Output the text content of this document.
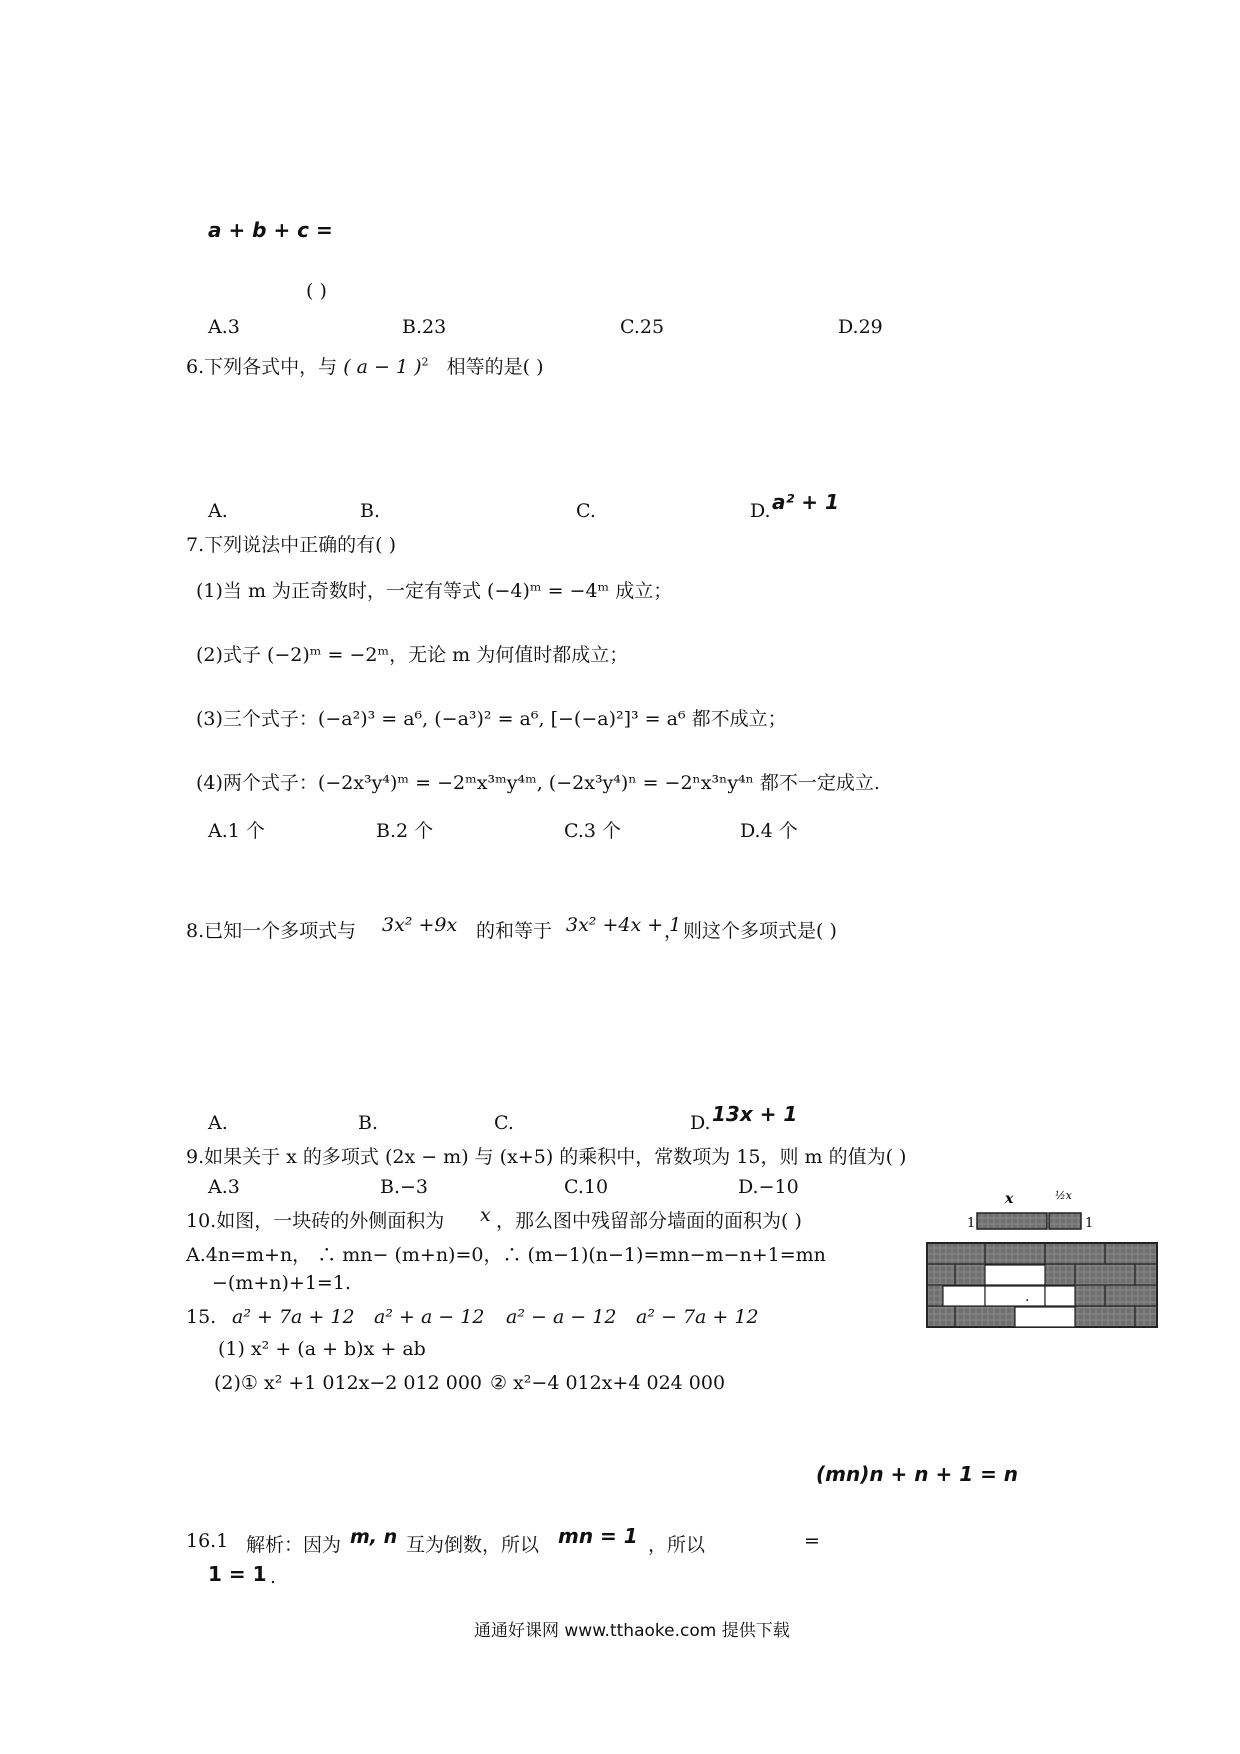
a + b + c =
( )
A.3	B.23	C.25	D.29
6.下列各式中，与 ( a − 1 )$^2$ 相等的是( )
A.	B.	C.	D. a² + 1
7.下列说法中正确的有( )
(1)当 m 为正奇数时，一定有等式 (−4)ᵐ = −4ᵐ 成立；
(2)式子 (−2)ᵐ = −2ᵐ，无论 m 为何值时都成立；
(3)三个式子：(−a²)³ = a⁶, (−a³)² = a⁶, [−(−a)²]³ = a⁶ 都不成立；
(4)两个式子：(−2x³y⁴)ᵐ = −2ᵐx³ᵐy⁴ᵐ, (−2x³y⁴)ⁿ = −2ⁿx³ⁿy⁴ⁿ 都不一定成立.
A.1 个	B.2 个	C.3 个	D.4 个
8.已知一个多项式与 3x² +9x 的和等于 3x² +4x + 1
，则这个多项式是( )
A.	B.	C.	D. 13x + 1
9.如果关于 x 的多项式 (2x − m) 与 (x+5) 的乘积中，常数项为 15，则 m 的值为( )
A.3	B.−3	C.10	D.−10
10.如图，一块砖的外侧面积为 x ，那么图中残留部分墙面的面积为( )
x	½x
1	1
·
A.4n=m+n， ∴ mn− (m+n)=0，∴ (m−1)(n−1)=mn−m−n+1=mn
−(m+n)+1=1.
15. a² + 7a + 12 a² + a − 12 a² − a − 12 a² − 7a + 12
(1) x² + (a + b)x + ab
(2)① x² +1 012x−2 012 000 ② x²−4 012x+4 024 000
(mn)n + n + 1 = n
16.1 解析：因为 m, n 互为倒数，所以 mn = 1 ，所以	=
1 = 1 .
通通好课网 www.tthaoke.com 提供下载
